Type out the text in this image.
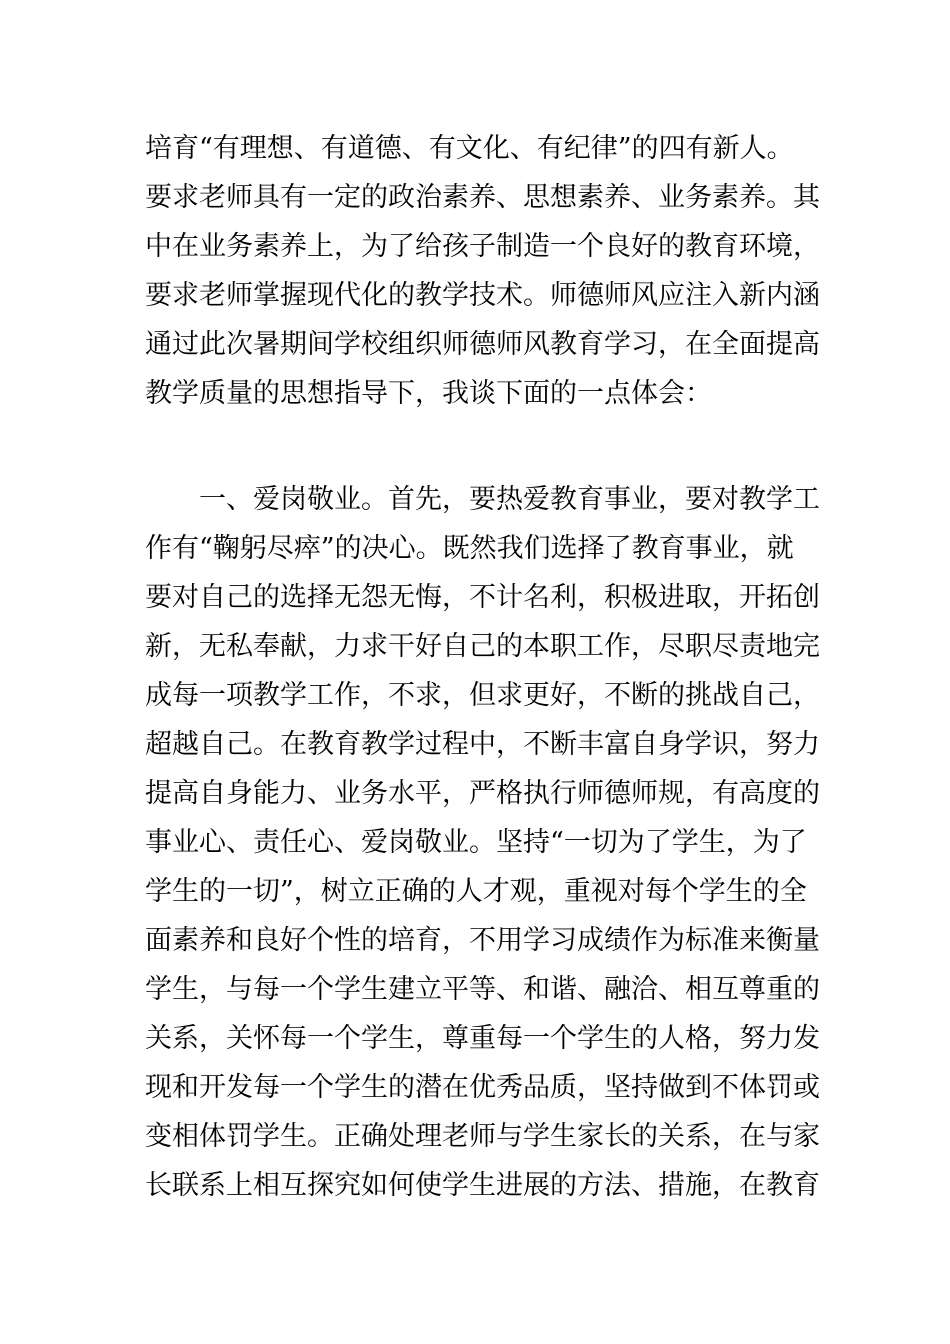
培育“有理想、有道德、有文化、有纪律”的四有新人。
要求老师具有一定的政治素养、思想素养、业务素养。其
中在业务素养上，为了给孩子制造一个良好的教育环境，
要求老师掌握现代化的教学技术。师德师风应注入新内涵
通过此次暑期间学校组织师德师风教育学习，在全面提高
教学质量的思想指导下，我谈下面的一点体会：
　　一、爱岗敬业。首先，要热爱教育事业，要对教学工
作有“鞠躬尽瘁”的决心。既然我们选择了教育事业，就
要对自己的选择无怨无悔，不计名利，积极进取，开拓创
新，无私奉献，力求干好自己的本职工作，尽职尽责地完
成每一项教学工作，不求，但求更好，不断的挑战自己，
超越自己。在教育教学过程中，不断丰富自身学识，努力
提高自身能力、业务水平，严格执行师德师规，有高度的
事业心、责任心、爱岗敬业。坚持“一切为了学生，为了
学生的一切”，树立正确的人才观，重视对每个学生的全
面素养和良好个性的培育，不用学习成绩作为标准来衡量
学生，与每一个学生建立平等、和谐、融洽、相互尊重的
关系，关怀每一个学生，尊重每一个学生的人格，努力发
现和开发每一个学生的潜在优秀品质，坚持做到不体罚或
变相体罚学生。正确处理老师与学生家长的关系，在与家
长联系上相互探究如何使学生进展的方法、措施，在教育
